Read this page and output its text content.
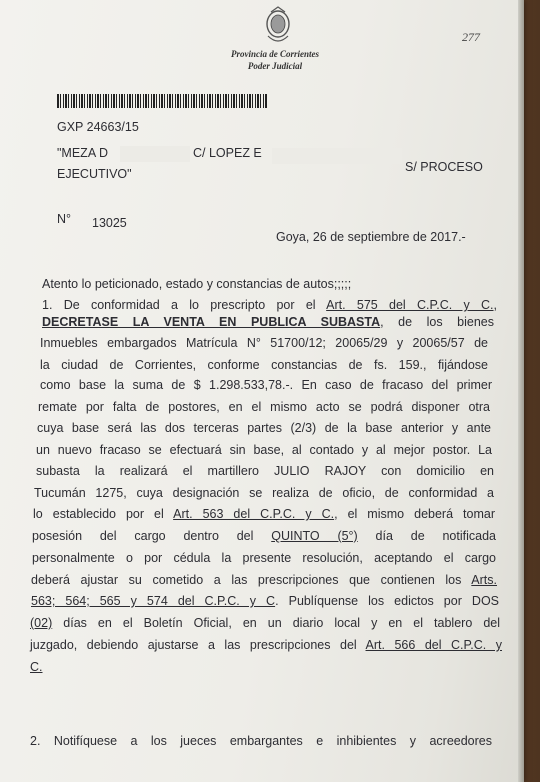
Provincia de Corrientes
Poder Judicial
277
GXP 24663/15
"MEZA D	C/ LOPEZ E
S/ PROCESO
EJECUTIVO"
N° 13025
Goya, 26 de septiembre de 2017.-
Atento lo peticionado, estado y constancias de autos;;;;;
1. De conformidad a lo prescripto por el Art. 575 del C.P.C. y C.,
DECRETASE LA VENTA EN PUBLICA SUBASTA, de los bienes
Inmuebles embargados Matrícula N° 51700/12; 20065/29 y 20065/57 de
la ciudad de Corrientes, conforme constancias de fs. 159., fijándose
como base la suma de $ 1.298.533,78.-. En caso de fracaso del primer
remate por falta de postores, en el mismo acto se podrá disponer otra
cuya base será las dos terceras partes (2/3) de la base anterior y ante
un nuevo fracaso se efectuará sin base, al contado y al mejor postor. La
subasta la realizará el martillero JULIO RAJOY con domicilio en
Tucumán 1275, cuya designación se realiza de oficio, de conformidad a
lo establecido por el Art. 563 del C.P.C. y C., el mismo deberá tomar
posesión del cargo dentro del QUINTO (5°) día de notificada
personalmente o por cédula la presente resolución, aceptando el cargo
deberá ajustar su cometido a las prescripciones que contienen los Arts.
563; 564; 565 y 574 del C.P.C. y C. Publíquense los edictos por DOS
(02) días en el Boletín Oficial, en un diario local y en el tablero del
juzgado, debiendo ajustarse a las prescripciones del Art. 566 del C.P.C. y
C.
2. Notifíquese a los jueces embargantes e inhibientes y acreedores
